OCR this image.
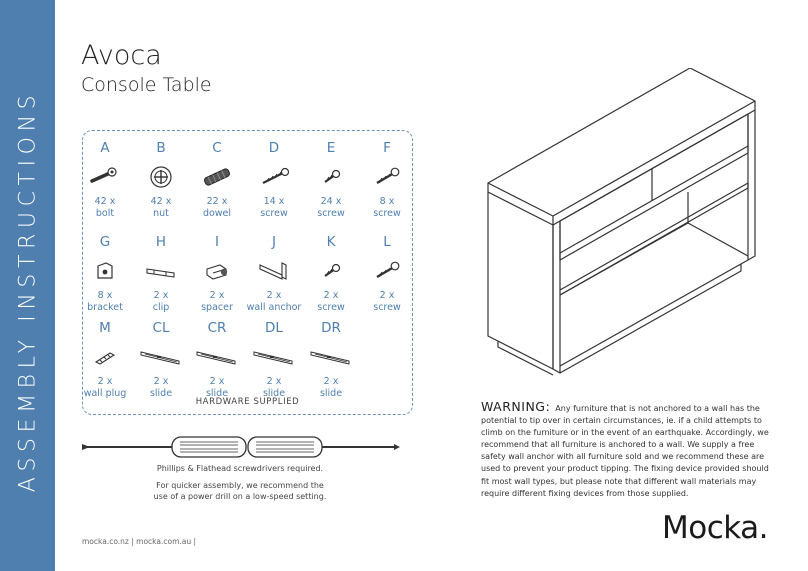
ASSEMBLY INSTRUCTIONS
Avoca
Console Table
A
42 x
bolt
B
42 x
nut
C
22 x
dowel
D
14 x
screw
E
24 x
screw
F
8 x
screw
G
8 x
bracket
H
2 x
clip
I
2 x
spacer
J
2 x
wall anchor
K
2 x
screw
L
2 x
screw
M
2 x
wall plug
CL
2 x
slide
CR
2 x
slide
DL
2 x
slide
DR
2 x
slide
HARDWARE SUPPLIED
Phillips & Flathead screwdrivers required.
For quicker assembly, we recommend the
use of a power drill on a low-speed setting.
mocka.co.nz | mocka.com.au |
WARNING: Any furniture that is not anchored to a wall has the potential to tip over in certain circumstances, ie. if a child attempts to climb on the furniture or in the event of an earthquake. Accordingly, we recommend that all furniture is anchored to a wall. We supply a free safety wall anchor with all furniture sold and we recommend these are used to prevent your product tipping. The fixing device provided should fit most wall types, but please note that different wall materials may require different fixing devices from those supplied.
Mocka.
